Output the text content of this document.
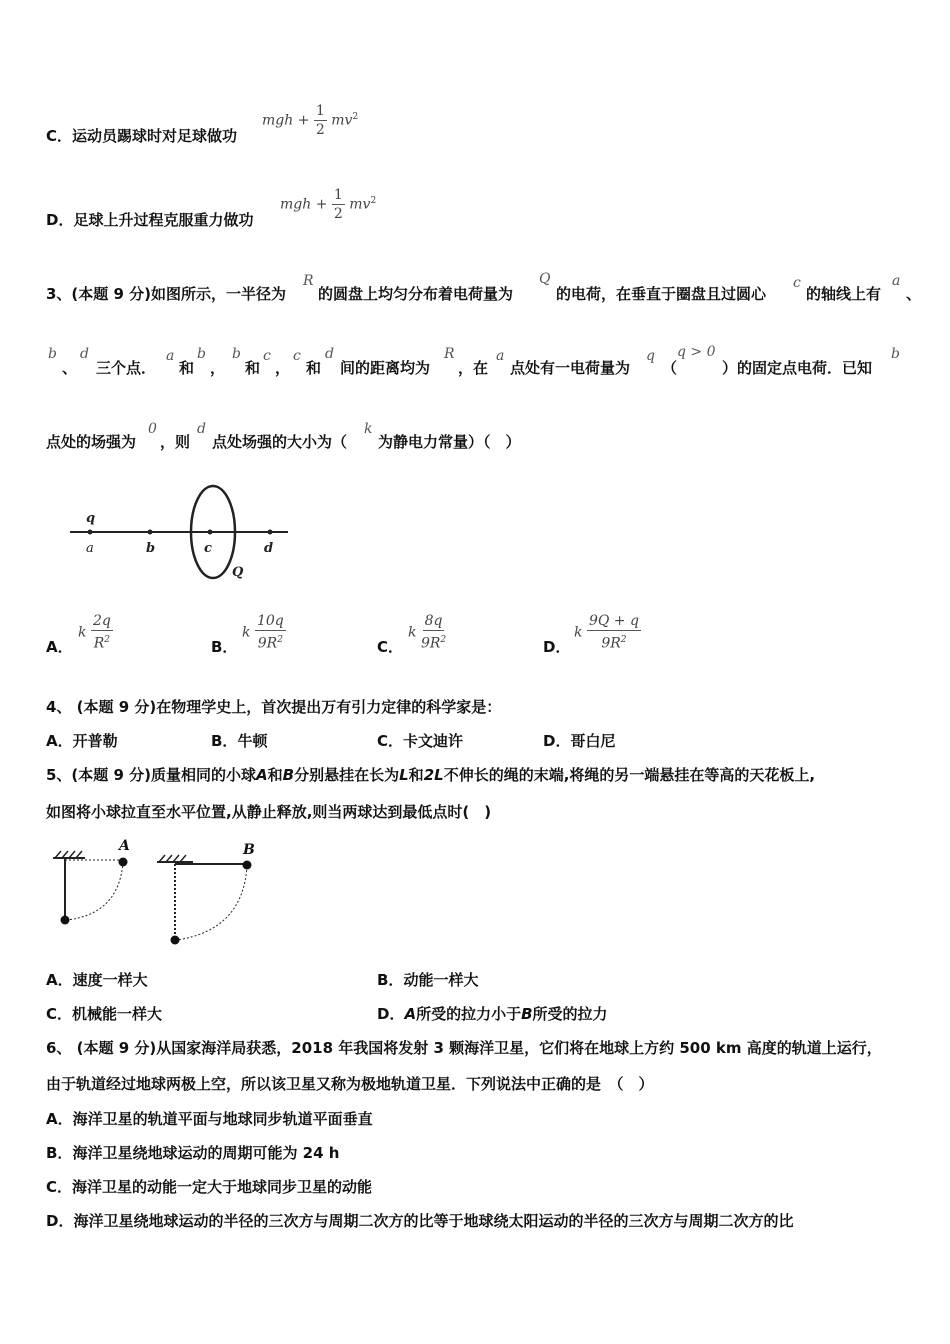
C．运动员踢球时对足球做功
mgh + $\frac{1}{2} mv^2$
D．足球上升过程克服重力做功
mgh + $\frac{1}{2} mv^2$
3、(本题 9 分)如图所示，一半径为
R
的圆盘上均匀分布着电荷量为
Q
的电荷，在垂直于圈盘且过圆心
c
的轴线上有
a
、
b
、
d
三个点．
a
和
b
，
b
和
c
，
c
和
d
间的距离均为
R
，在
a
点处有一电荷量为
q
（
q > 0
）的固定点电荷．已知
b
点处的场强为
0
，则
d
点处场强的大小为（
k
为静电力常量）（　）
q
a	b	c	d
Q
A．
k $\frac{2q}{R^2}$	B．
k $\frac{10q}{9R^2}$	C．
k $\frac{8q}{9R^2}$	D．
k $\frac{9Q + q}{9R^2}$
4、 (本题 9 分)在物理学史上，首次提出万有引力定律的科学家是：
A．开普勒	B．牛顿	C．卡文迪许	D．哥白尼
5、(本题 9 分)质量相同的小球A和B分别悬挂在长为L和2L不伸长的绳的末端,将绳的另一端悬挂在等高的天花板上,
如图将小球拉直至水平位置,从静止释放,则当两球达到最低点时(　)
A	B
A．速度一样大	B．动能一样大
C．机械能一样大	D．A所受的拉力小于B所受的拉力
6、 (本题 9 分)从国家海洋局获悉，2018 年我国将发射 3 颗海洋卫星，它们将在地球上方约 500 km 高度的轨道上运行，
由于轨道经过地球两极上空，所以该卫星又称为极地轨道卫星．下列说法中正确的是　（　）
A．海洋卫星的轨道平面与地球同步轨道平面垂直
B．海洋卫星绕地球运动的周期可能为 24 h
C．海洋卫星的动能一定大于地球同步卫星的动能
D．海洋卫星绕地球运动的半径的三次方与周期二次方的比等于地球绕太阳运动的半径的三次方与周期二次方的比
